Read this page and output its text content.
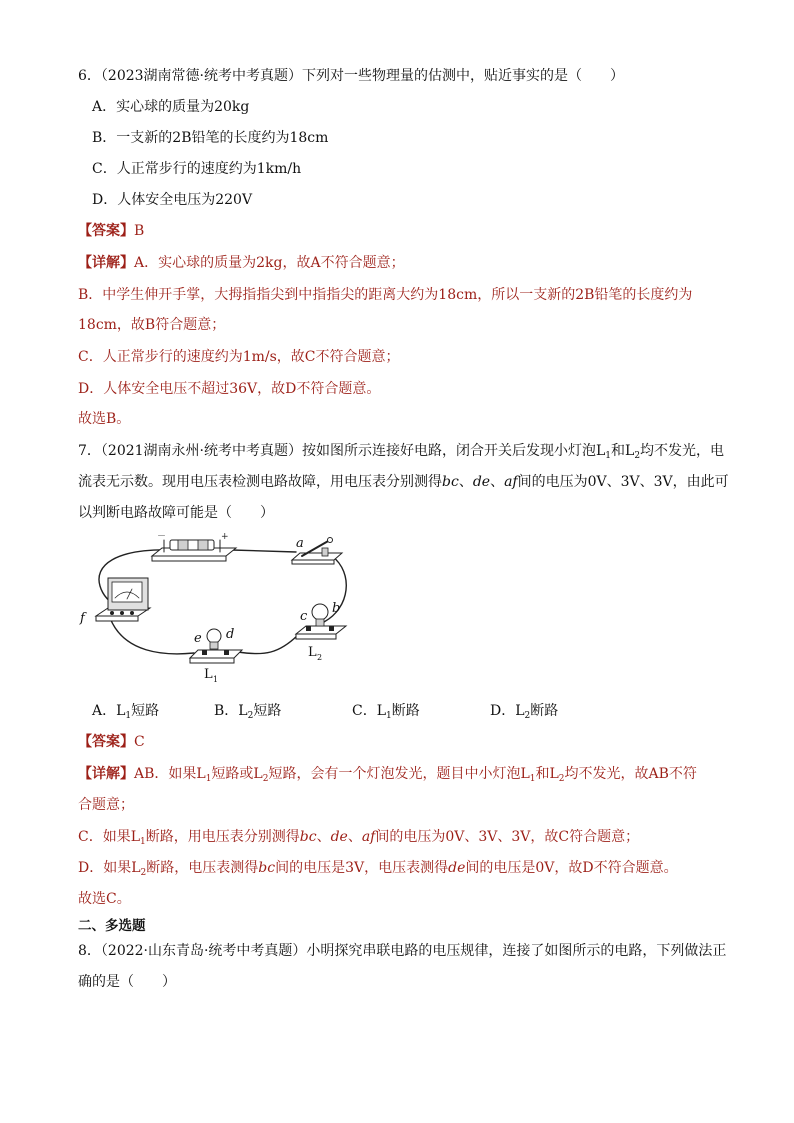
6．（2023湖南常德·统考中考真题）下列对一些物理量的估测中，贴近事实的是（　　）
A．实心球的质量为20kg
B．一支新的2B铅笔的长度约为18cm
C．人正常步行的速度约为1km/h
D．人体安全电压为220V
【答案】B
【详解】A．实心球的质量为2kg，故A不符合题意；
B．中学生伸开手掌，大拇指指尖到中指指尖的距离大约为18cm，所以一支新的2B铅笔的长度约为
18cm，故B符合题意；
C．人正常步行的速度约为1m/s，故C不符合题意；
D．人体安全电压不超过36V，故D不符合题意。
故选B。
7．（2021湖南永州·统考中考真题）按如图所示连接好电路，闭合开关后发现小灯泡$L_1$和$L_2$均不发光，电
流表无示数。现用电压表检测电路故障，用电压表分别测得bc、de、af间的电压为0V、3V、3V，由此可
以判断电路故障可能是（　　）
－	+	a
b
c
d
e
f
L 1
L 2
A．$L_1$短路	B．$L_2$短路	C．$L_1$断路	D．$L_2$断路
【答案】C
【详解】AB．如果$L_1$短路或$L_2$短路，会有一个灯泡发光，题目中小灯泡$L_1$和$L_2$均不发光，故AB不符
合题意；
C．如果$L_1$断路，用电压表分别测得bc、de、af间的电压为0V、3V、3V，故C符合题意；
D．如果$L_2$断路，电压表测得bc间的电压是3V，电压表测得de间的电压是0V，故D不符合题意。
故选C。
二、多选题
8．（2022·山东青岛·统考中考真题）小明探究串联电路的电压规律，连接了如图所示的电路，下列做法正
确的是（　　）
